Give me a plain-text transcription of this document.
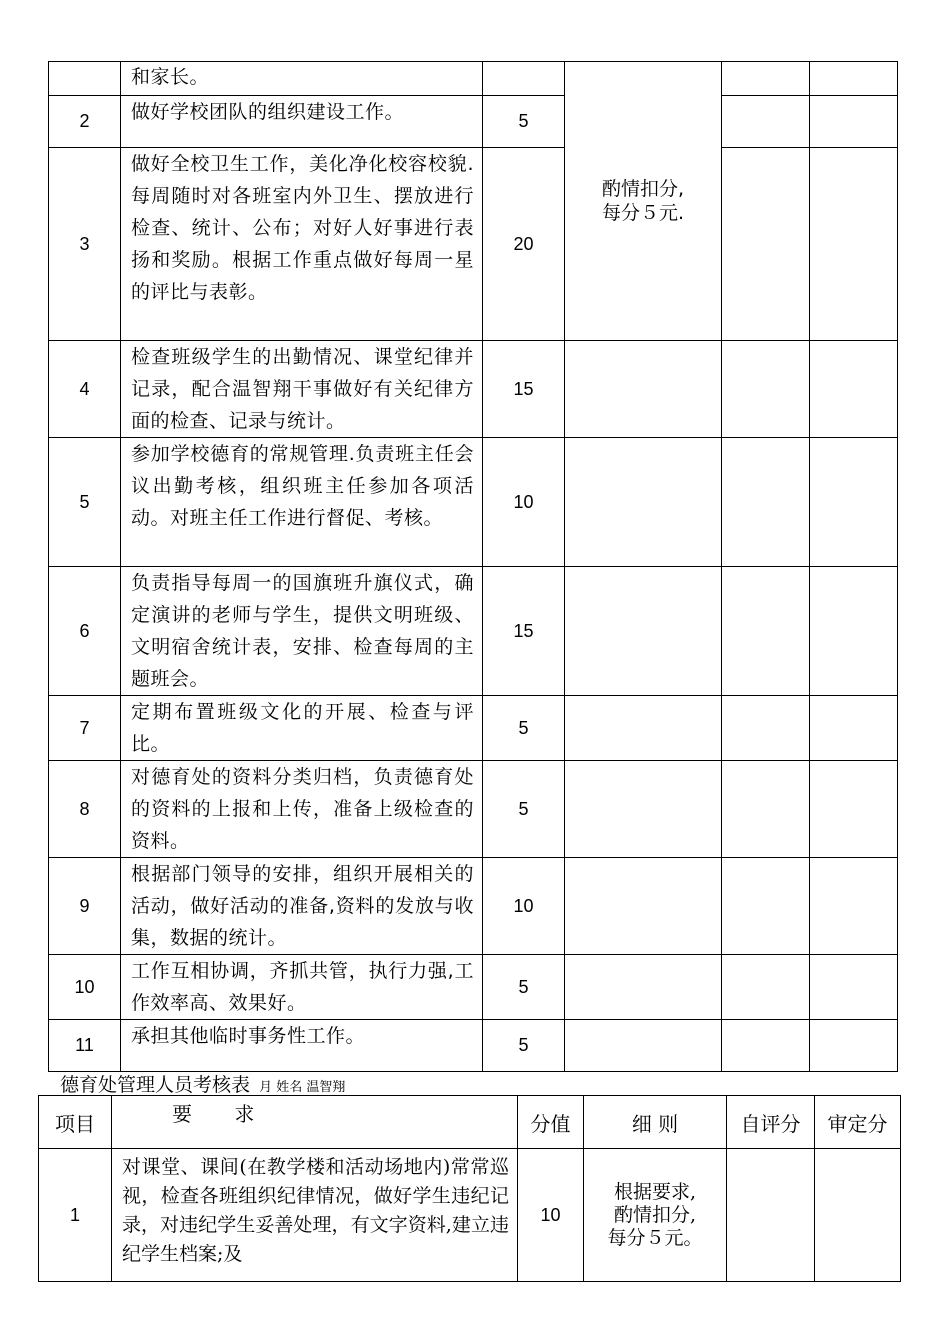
	和家长。		酌情扣分,
每分５元.		

2	做好学校团队的组织建设工作。	5			
3	做好全校卫生工作，美化净化校容校貌.每周随时对各班室内外卫生、摆放进行检查、统计、公布；对好人好事进行表扬和奖励。根据工作重点做好每周一星的评比与表彰。	20			
4	检查班级学生的出勤情况、课堂纪律并记录，配合温智翔干事做好有关纪律方面的检查、记录与统计。	15			
5	参加学校德育的常规管理.负责班主任会议出勤考核，组织班主任参加各项活动。对班主任工作进行督促、考核。	10			
6	负责指导每周一的国旗班升旗仪式，确定演讲的老师与学生，提供文明班级、文明宿舍统计表，安排、检查每周的主题班会。	15			
7	定期布置班级文化的开展、检查与评比。	5			
8	对德育处的资料分类归档，负责德育处的资料的上报和上传，准备上级检查的资料。	5			
9	根据部门领导的安排，组织开展相关的活动，做好活动的准备,资料的发放与收集，数据的统计。	10			
10	工作互相协调，齐抓共管，执行力强,工作效率高、效果好。	5			
11	承担其他临时事务性工作。	5			
德育处管理人员考核表 月 姓名 温智翔
项目	要 求	分值	细 则	自评分	审定分
1	对课堂、课间(在教学楼和活动场地内)常常巡视，检查各班组织纪律情况，做好学生违纪记录，对违纪学生妥善处理，有文字资料,建立违纪学生档案;及	10	根据要求,
酌情扣分,
每分５元。		
